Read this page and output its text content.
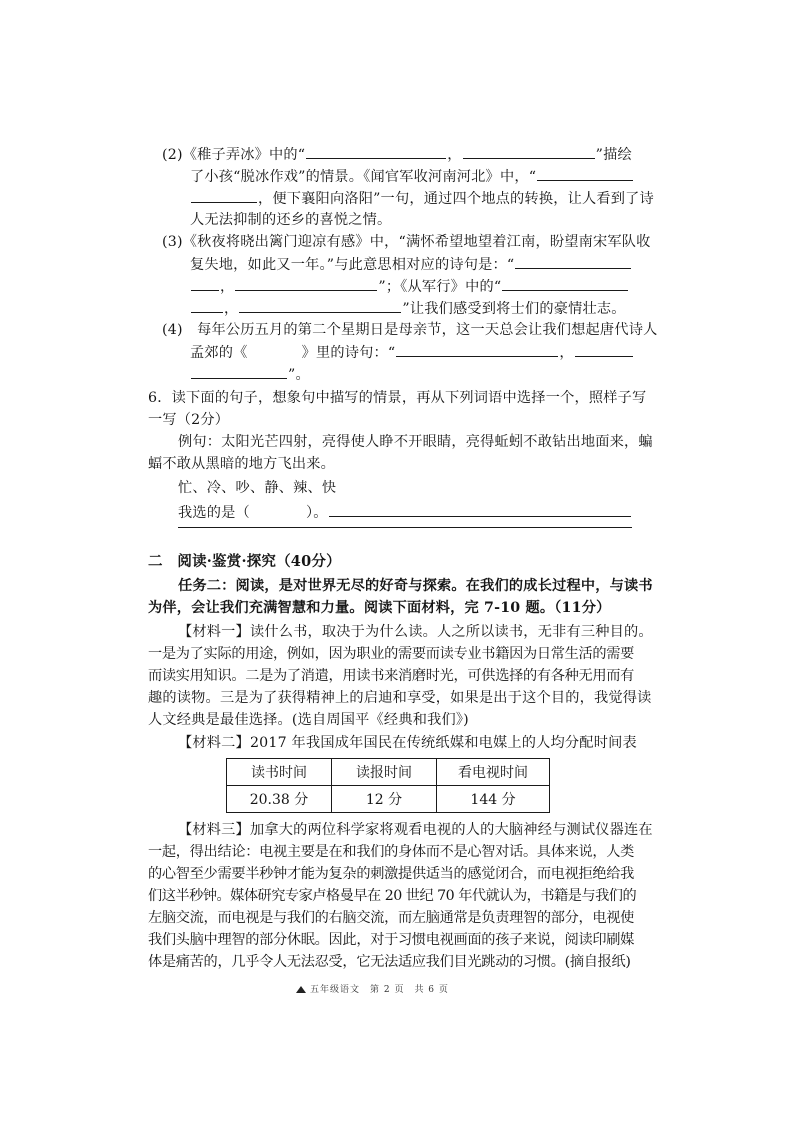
(2)《稚子弄冰》中的“	，	”描绘
了小孩“脱冰作戏”的情景。《闻官军收河南河北》中，“
，便下襄阳向洛阳”一句，通过四个地点的转换，让人看到了诗
人无法抑制的还乡的喜悦之情。
(3)《秋夜将晓出篱门迎凉有感》中，“满怀希望地望着江南，盼望南宋军队收
复失地，如此又一年。”与此意思相对应的诗句是：“
，	”；《从军行》中的“
，	”让我们感受到将士们的豪情壮志。
(4)　每年公历五月的第二个星期日是母亲节，这一天总会让我们想起唐代诗人
孟郊的《	》里的诗句：“	，
”。
6．读下面的句子，想象句中描写的情景，再从下列词语中选择一个，照样子写
一写（2分）
例句：太阳光芒四射，亮得使人睁不开眼睛，亮得蚯蚓不敢钻出地面来，蝙
蝠不敢从黑暗的地方飞出来。
忙、冷、吵、静、辣、快
我选的是（	）。
二　阅读·鉴赏·探究（40分）
任务二：阅读，是对世界无尽的好奇与探索。在我们的成长过程中，与读书
为伴，会让我们充满智慧和力量。阅读下面材料，完 7-10 题。（11分）
【材料一】读什么书，取决于为什么读。人之所以读书，无非有三种目的。
一是为了实际的用途，例如，因为职业的需要而读专业书籍因为日常生活的需要
而读实用知识。二是为了消遣，用读书来消磨时光，可供选择的有各种无用而有
趣的读物。三是为了获得精神上的启迪和享受，如果是出于这个目的，我觉得读
人文经典是最佳选择。(选自周国平《经典和我们》)
【材料二】2017 年我国成年国民在传统纸媒和电媒上的人均分配时间表
读书时间	读报时间	看电视时间
20.38 分	12 分	144 分
【材料三】加拿大的两位科学家将观看电视的人的大脑神经与测试仪器连在
一起，得出结论：电视主要是在和我们的身体而不是心智对话。具体来说，人类
的心智至少需要半秒钟才能为复杂的刺激提供适当的感觉闭合，而电视拒绝给我
们这半秒钟。媒体研究专家卢格曼早在 20 世纪 70 年代就认为，书籍是与我们的
左脑交流，而电视是与我们的右脑交流，而左脑通常是负责理智的部分，电视使
我们头脑中理智的部分休眠。因此，对于习惯电视画面的孩子来说，阅读印刷媒
体是痛苦的，几乎令人无法忍受，它无法适应我们目光跳动的习惯。(摘自报纸)
五年级语文　第 2 页　共 6 页
